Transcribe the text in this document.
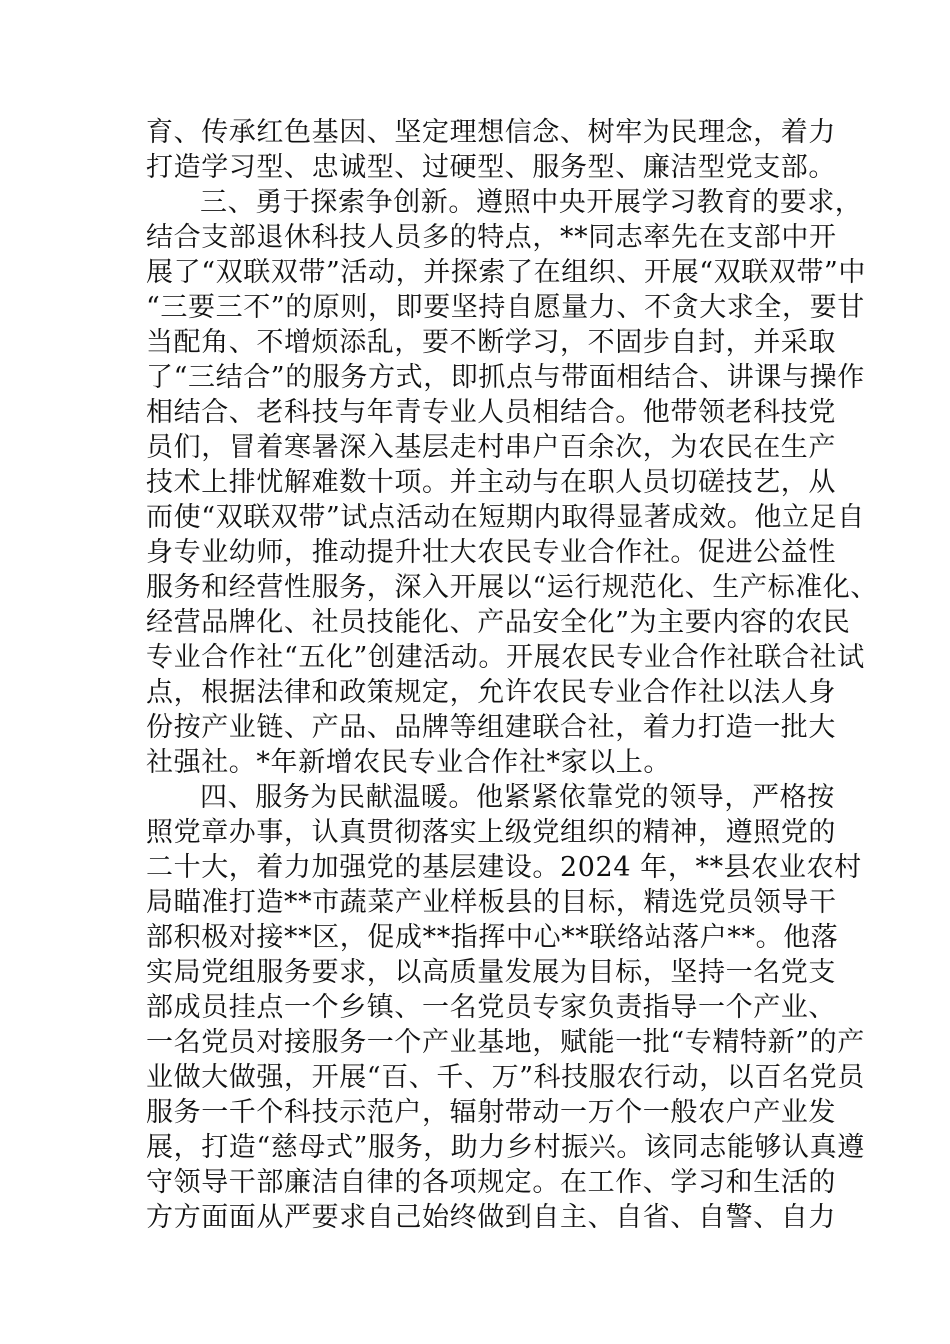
育、传承红色基因、坚定理想信念、树牢为民理念，着力
打造学习型、忠诚型、过硬型、服务型、廉洁型党支部。
三、勇于探索争创新。遵照中央开展学习教育的要求，
结合支部退休科技人员多的特点，**同志率先在支部中开
展了“双联双带”活动，并探索了在组织、开展“双联双带”中
“三要三不”的原则，即要坚持自愿量力、不贪大求全，要甘
当配角、不增烦添乱，要不断学习，不固步自封，并采取
了“三结合”的服务方式，即抓点与带面相结合、讲课与操作
相结合、老科技与年青专业人员相结合。他带领老科技党
员们，冒着寒暑深入基层走村串户百余次，为农民在生产
技术上排忧解难数十项。并主动与在职人员切磋技艺，从
而使“双联双带”试点活动在短期内取得显著成效。他立足自
身专业幼师，推动提升壮大农民专业合作社。促进公益性
服务和经营性服务，深入开展以“运行规范化、生产标准化、
经营品牌化、社员技能化、产品安全化”为主要内容的农民
专业合作社“五化”创建活动。开展农民专业合作社联合社试
点，根据法律和政策规定，允许农民专业合作社以法人身
份按产业链、产品、品牌等组建联合社，着力打造一批大
社强社。*年新增农民专业合作社*家以上。
四、服务为民献温暖。他紧紧依靠党的领导，严格按
照党章办事，认真贯彻落实上级党组织的精神，遵照党的
二十大，着力加强党的基层建设。2024 年，**县农业农村
局瞄准打造**市蔬菜产业样板县的目标，精选党员领导干
部积极对接**区，促成**指挥中心**联络站落户**。他落
实局党组服务要求，以高质量发展为目标，坚持一名党支
部成员挂点一个乡镇、一名党员专家负责指导一个产业、
一名党员对接服务一个产业基地，赋能一批“专精特新”的产
业做大做强，开展“百、千、万”科技服农行动，以百名党员
服务一千个科技示范户，辐射带动一万个一般农户产业发
展，打造“慈母式”服务，助力乡村振兴。该同志能够认真遵
守领导干部廉洁自律的各项规定。在工作、学习和生活的
方方面面从严要求自己始终做到自主、自省、自警、自力
